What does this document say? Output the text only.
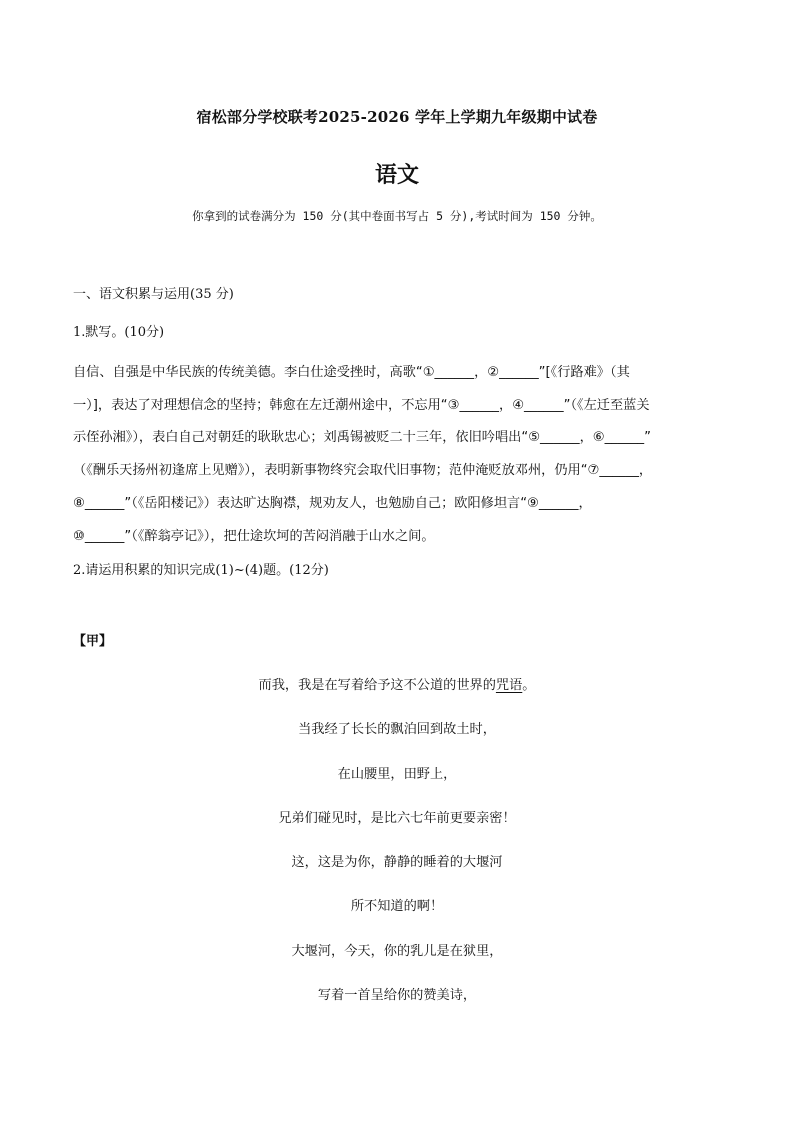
宿松部分学校联考2025-2026 学年上学期九年级期中试卷
语文
你拿到的试卷满分为 150 分(其中卷面书写占 5 分),考试时间为 150 分钟。
一、语文积累与运用(35 分)
1.默写。(10分)
自信、自强是中华民族的传统美德。李白仕途受挫时，高歌“①______，②______”[《行路难》（其
一）]，表达了对理想信念的坚持；韩愈在左迁潮州途中，不忘用“③______，④______”（《左迁至蓝关
示侄孙湘》），表白自己对朝廷的耿耿忠心；刘禹锡被贬二十三年，依旧吟唱出“⑤______，⑥______”
（《酬乐天扬州初逢席上见赠》），表明新事物终究会取代旧事物；范仲淹贬放邓州，仍用“⑦______，
⑧______”（《岳阳楼记》）表达旷达胸襟，规劝友人，也勉励自己；欧阳修坦言“⑨______，
⑩______”（《醉翁亭记》），把仕途坎坷的苦闷消融于山水之间。
2.请运用积累的知识完成(1)~(4)题。(12分)
【甲】
而我，我是在写着给予这不公道的世界的咒语。
当我经了长长的飘泊回到故土时，
在山腰里，田野上，
兄弟们碰见时，是比六七年前更要亲密！
这，这是为你，静静的睡着的大堰河
所不知道的啊！
大堰河，今天，你的乳儿是在狱里，
写着一首呈给你的赞美诗，
